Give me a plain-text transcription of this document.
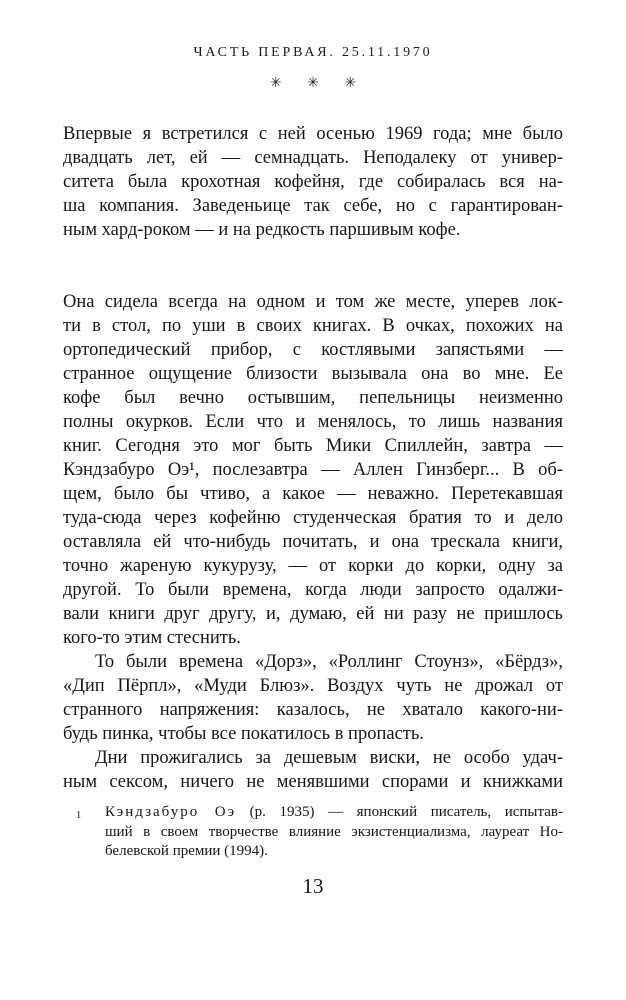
ЧАСТЬ ПЕРВАЯ. 25.11.1970
✳ ✳ ✳
Впервые я встретился с ней осенью 1969 года; мне было
двадцать лет, ей — семнадцать. Неподалеку от универ-
ситета была крохотная кофейня, где собиралась вся на-
ша компания. Заведеньице так себе, но с гарантирован-
ным хард-роком — и на редкость паршивым кофе.
Она сидела всегда на одном и том же месте, уперев лок-
ти в стол, по уши в своих книгах. В очках, похожих на
ортопедический прибор, с костлявыми запястьями —
странное ощущение близости вызывала она во мне. Ее
кофе был вечно остывшим, пепельницы неизменно
полны окурков. Если что и менялось, то лишь названия
книг. Сегодня это мог быть Мики Спиллейн, завтра —
Кэндзабуро Оэ¹, послезавтра — Аллен Гинзберг... В об-
щем, было бы чтиво, а какое — неважно. Перетекавшая
туда-сюда через кофейню студенческая братия то и дело
оставляла ей что-нибудь почитать, и она трескала книги,
точно жареную кукурузу, — от корки до корки, одну за
другой. То были времена, когда люди запросто одалжи-
вали книги друг другу, и, думаю, ей ни разу не пришлось
кого-то этим стеснить.
То были времена «Дорз», «Роллинг Стоунз», «Бёрдз»,
«Дип Пёрпл», «Муди Блюз». Воздух чуть не дрожал от
странного напряжения: казалось, не хватало какого-ни-
будь пинка, чтобы все покатилось в пропасть.
Дни прожигались за дешевым виски, не особо удач-
ным сексом, ничего не менявшими спорами и книжками
1 Кэндзабуро Оэ (р. 1935) — японский писатель, испытав-
ший в своем творчестве влияние экзистенциализма, лауреат Но-
белевской премии (1994).
13
